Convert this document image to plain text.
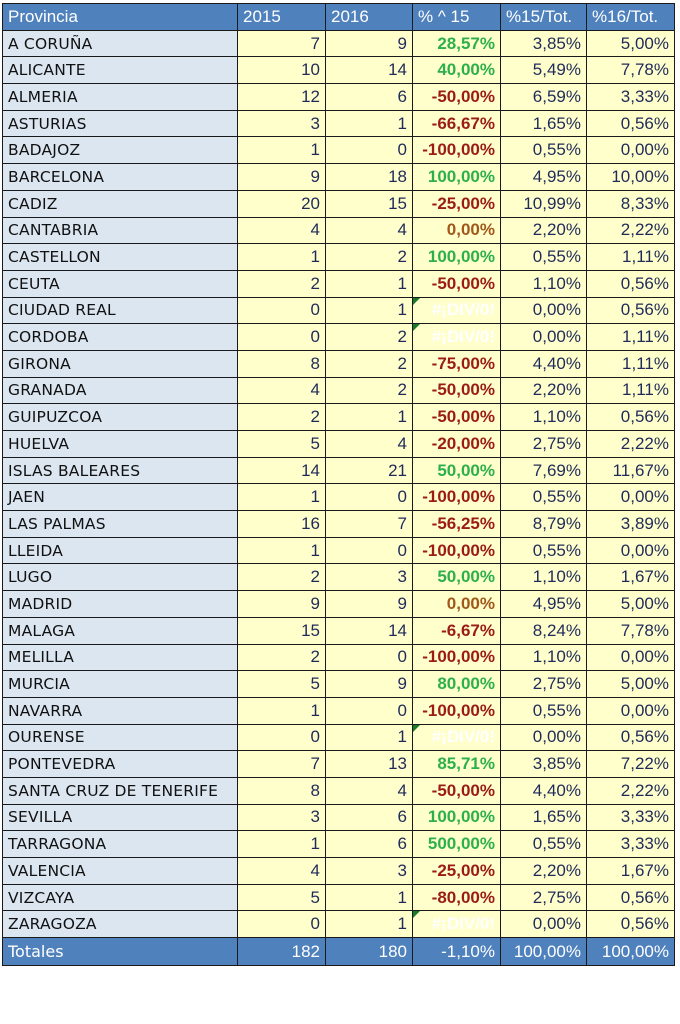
Provincia	2015	2016	% ^ 15	%15/Tot.	%16/Tot.
A CORUÑA	7	9	28,57%	3,85%	5,00%
ALICANTE	10	14	40,00%	5,49%	7,78%
ALMERIA	12	6	-50,00%	6,59%	3,33%
ASTURIAS	3	1	-66,67%	1,65%	0,56%
BADAJOZ	1	0	-100,00%	0,55%	0,00%
BARCELONA	9	18	100,00%	4,95%	10,00%
CADIZ	20	15	-25,00%	10,99%	8,33%
CANTABRIA	4	4	0,00%	2,20%	2,22%
CASTELLON	1	2	100,00%	0,55%	1,11%
CEUTA	2	1	-50,00%	1,10%	0,56%
CIUDAD REAL	0	1	#¡DIV/0!	0,00%	0,56%
CORDOBA	0	2	#¡DIV/0!	0,00%	1,11%
GIRONA	8	2	-75,00%	4,40%	1,11%
GRANADA	4	2	-50,00%	2,20%	1,11%
GUIPUZCOA	2	1	-50,00%	1,10%	0,56%
HUELVA	5	4	-20,00%	2,75%	2,22%
ISLAS BALEARES	14	21	50,00%	7,69%	11,67%
JAEN	1	0	-100,00%	0,55%	0,00%
LAS PALMAS	16	7	-56,25%	8,79%	3,89%
LLEIDA	1	0	-100,00%	0,55%	0,00%
LUGO	2	3	50,00%	1,10%	1,67%
MADRID	9	9	0,00%	4,95%	5,00%
MALAGA	15	14	-6,67%	8,24%	7,78%
MELILLA	2	0	-100,00%	1,10%	0,00%
MURCIA	5	9	80,00%	2,75%	5,00%
NAVARRA	1	0	-100,00%	0,55%	0,00%
OURENSE	0	1	#¡DIV/0!	0,00%	0,56%
PONTEVEDRA	7	13	85,71%	3,85%	7,22%
SANTA CRUZ DE TENERIFE	8	4	-50,00%	4,40%	2,22%
SEVILLA	3	6	100,00%	1,65%	3,33%
TARRAGONA	1	6	500,00%	0,55%	3,33%
VALENCIA	4	3	-25,00%	2,20%	1,67%
VIZCAYA	5	1	-80,00%	2,75%	0,56%
ZARAGOZA	0	1	#¡DIV/0!	0,00%	0,56%
Totales	182	180	-1,10%	100,00%	100,00%
